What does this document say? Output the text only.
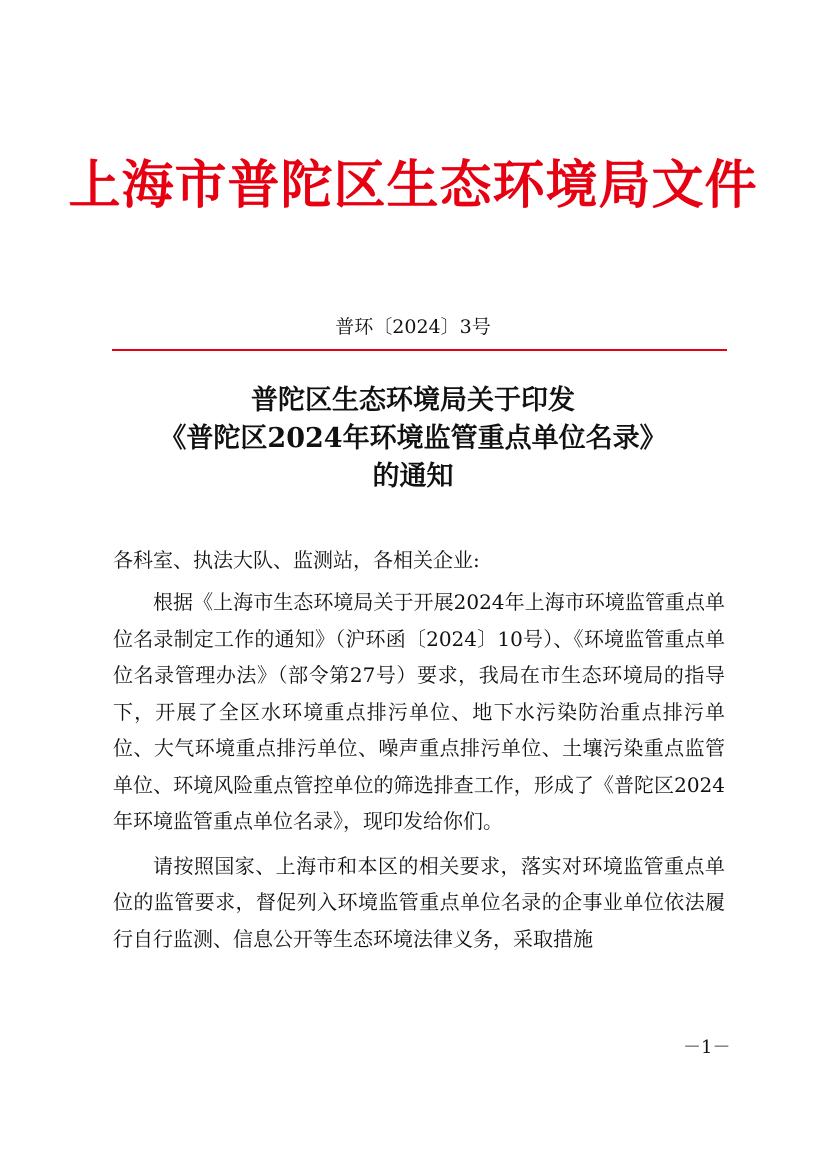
上海市普陀区生态环境局文件
普环〔2024〕3号
普陀区生态环境局关于印发
《普陀区2024年环境监管重点单位名录》
的通知
各科室、执法大队、监测站，各相关企业:

根据《上海市生态环境局关于开展2024年上海市环境监管重点单位名录制定工作的通知》（沪环函〔2024〕10号）、《环境监管重点单位名录管理办法》（部令第27号）要求，我局在市生态环境局的指导下，开展了全区水环境重点排污单位、地下水污染防治重点排污单位、大气环境重点排污单位、噪声重点排污单位、土壤污染重点监管单位、环境风险重点管控单位的筛选排查工作，形成了《普陀区2024年环境监管重点单位名录》，现印发给你们。

请按照国家、上海市和本区的相关要求，落实对环境监管重点单位的监管要求，督促列入环境监管重点单位名录的企事业单位依法履行自行监测、信息公开等生态环境法律义务，采取措施

－1－
